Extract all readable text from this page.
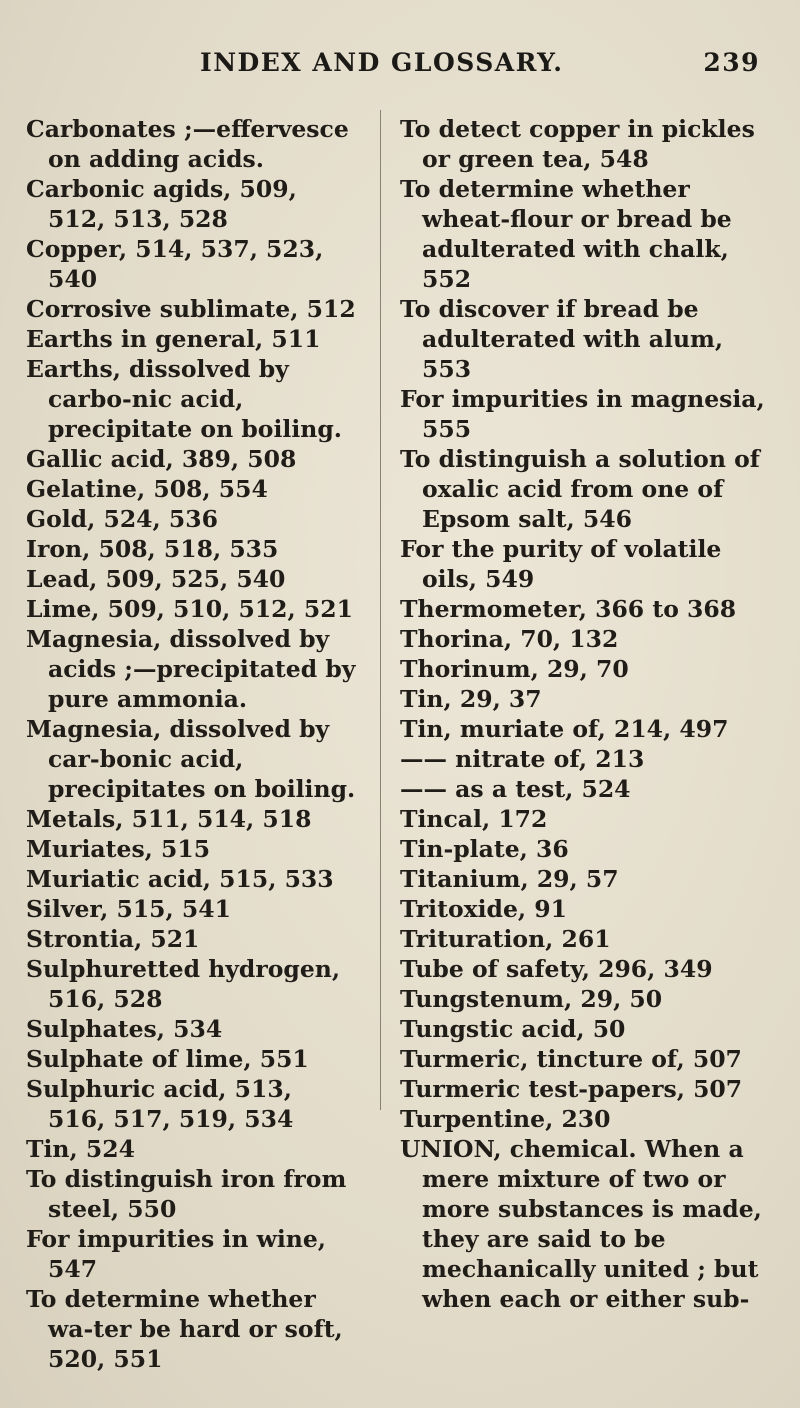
INDEX AND GLOSSARY.	239

Carbonates ;—effervesce on adding acids.

Carbonic agids, 509, 512, 513, 528

Copper, 514, 537, 523, 540

Corrosive sublimate, 512

Earths in general, 511

Earths, dissolved by carbo-nic acid, precipitate on boiling.

Gallic acid, 389, 508

Gelatine, 508, 554

Gold, 524, 536

Iron, 508, 518, 535

Lead, 509, 525, 540

Lime, 509, 510, 512, 521

Magnesia, dissolved by acids ;—precipitated by pure ammonia.

Magnesia, dissolved by car-bonic acid, precipitates on boiling.

Metals, 511, 514, 518

Muriates, 515

Muriatic acid, 515, 533

Silver, 515, 541

Strontia, 521

Sulphuretted hydrogen, 516, 528

Sulphates, 534

Sulphate of lime, 551

Sulphuric acid, 513, 516, 517, 519, 534

Tin, 524

To distinguish iron from steel, 550

For impurities in wine, 547

To determine whether wa-ter be hard or soft, 520, 551

To detect copper in pickles or green tea, 548

To determine whether wheat-flour or bread be adulterated with chalk, 552

To discover if bread be adulterated with alum, 553

For impurities in magnesia, 555

To distinguish a solution of oxalic acid from one of Epsom salt, 546

For the purity of volatile oils, 549

Thermometer, 366 to 368

Thorina, 70, 132

Thorinum, 29, 70

Tin, 29, 37

Tin, muriate of, 214, 497

—— nitrate of, 213

—— as a test, 524

Tincal, 172

Tin-plate, 36

Titanium, 29, 57

Tritoxide, 91

Trituration, 261

Tube of safety, 296, 349

Tungstenum, 29, 50

Tungstic acid, 50

Turmeric, tincture of, 507

Turmeric test-papers, 507

Turpentine, 230

UNION, chemical. When a mere mixture of two or more substances is made, they are said to be mechanically united ; but when each or either sub-
